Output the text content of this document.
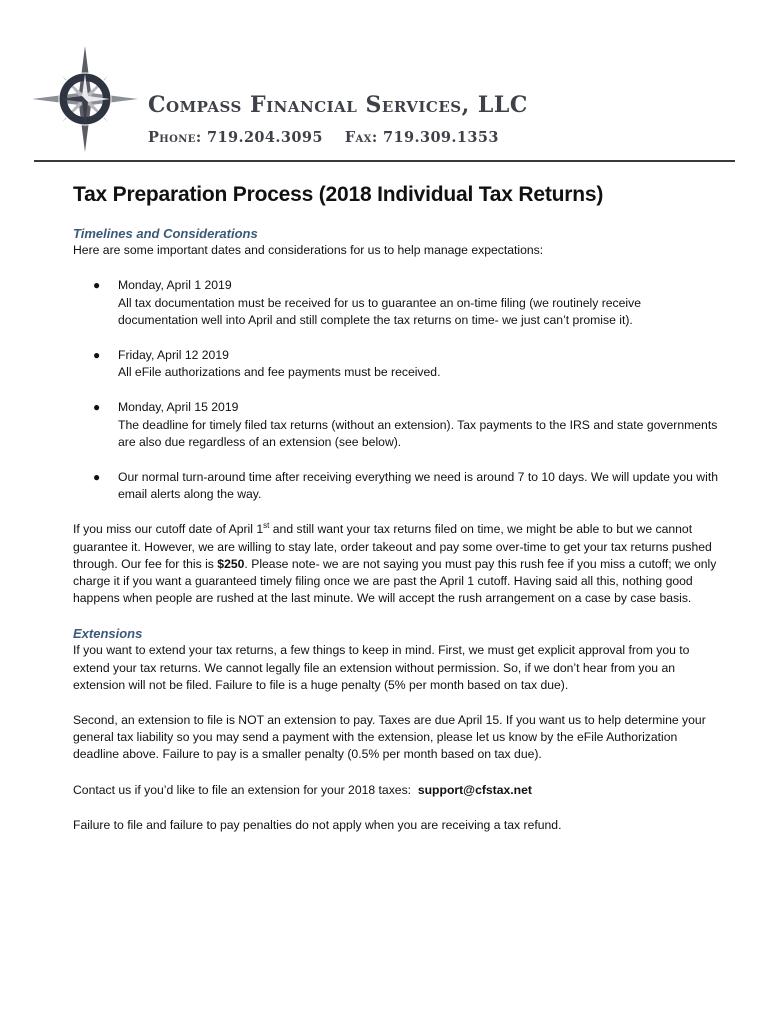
Compass Financial Services, LLC
Phone: 719.204.3095 Fax: 719.309.1353
Tax Preparation Process (2018 Individual Tax Returns)
Timelines and Considerations

Here are some important dates and considerations for us to help manage expectations:

● Monday, April 1 2019
All tax documentation must be received for us to guarantee an on-time filing (we routinely receive documentation well into April and still complete the tax returns on time- we just can’t promise it).
● Friday, April 12 2019
All eFile authorizations and fee payments must be received.
● Monday, April 15 2019
The deadline for timely filed tax returns (without an extension). Tax payments to the IRS and state governments are also due regardless of an extension (see below).
● Our normal turn-around time after receiving everything we need is around 7 to 10 days. We will update you with email alerts along the way.

If you miss our cutoff date of April 1st and still want your tax returns filed on time, we might be able to but we cannot guarantee it. However, we are willing to stay late, order takeout and pay some over-time to get your tax returns pushed through. Our fee for this is $250. Please note- we are not saying you must pay this rush fee if you miss a cutoff; we only charge it if you want a guaranteed timely filing once we are past the April 1 cutoff. Having said all this, nothing good happens when people are rushed at the last minute. We will accept the rush arrangement on a case by case basis.

Extensions

If you want to extend your tax returns, a few things to keep in mind. First, we must get explicit approval from you to extend your tax returns. We cannot legally file an extension without permission. So, if we don’t hear from you an extension will not be filed. Failure to file is a huge penalty (5% per month based on tax due).

Second, an extension to file is NOT an extension to pay. Taxes are due April 15. If you want us to help determine your general tax liability so you may send a payment with the extension, please let us know by the eFile Authorization deadline above. Failure to pay is a smaller penalty (0.5% per month based on tax due).

Contact us if you’d like to file an extension for your 2018 taxes:  support@cfstax.net

Failure to file and failure to pay penalties do not apply when you are receiving a tax refund.
